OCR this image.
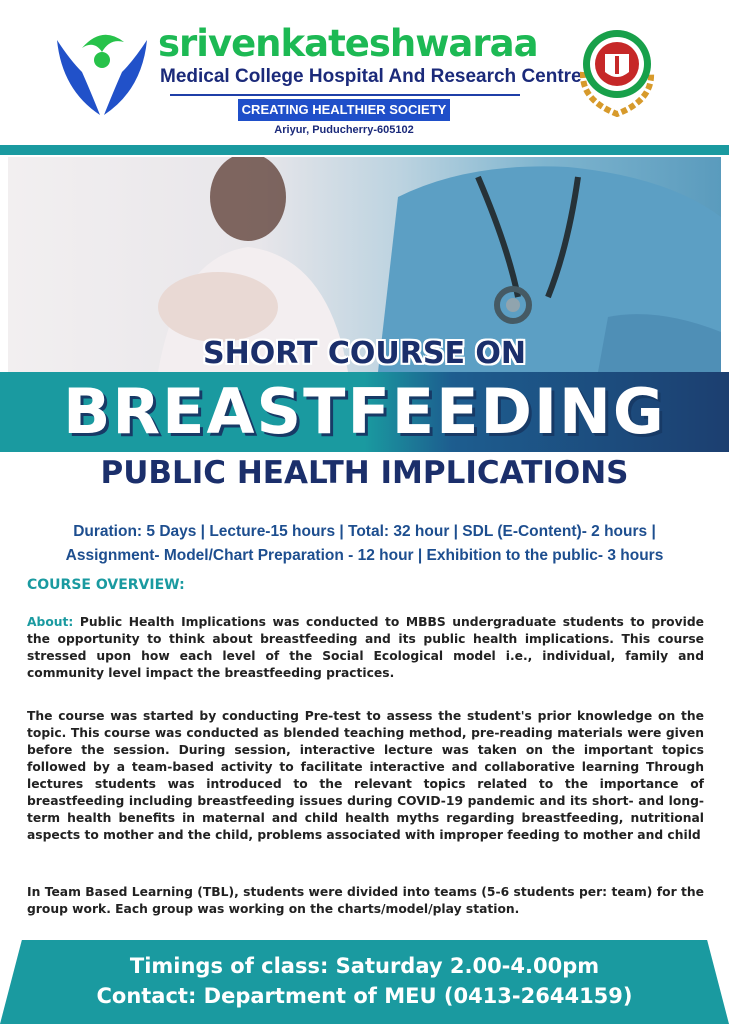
srivenkateshwaraa
Medical College Hospital And Research Centre
CREATING HEALTHIER SOCIETY
Ariyur, Puducherry-605102
SHORT COURSE ON
BREASTFEEDING
PUBLIC HEALTH IMPLICATIONS
Duration: 5 Days | Lecture-15 hours | Total: 32 hour | SDL (E-Content)- 2 hours |
Assignment- Model/Chart Preparation - 12 hour | Exhibition to the public- 3 hours
COURSE OVERVIEW:
About: Public Health Implications was conducted to MBBS undergraduate students to provide the opportunity to think about breastfeeding and its public health implications. This course stressed upon how each level of the Social Ecological model i.e., individual, family and community level impact the breastfeeding practices.
The course was started by conducting Pre-test to assess the student's prior knowledge on the topic. This course was conducted as blended teaching method, pre-reading materials were given before the session. During session, interactive lecture was taken on the important topics followed by a team-based activity to facilitate interactive and collaborative learning Through lectures students was introduced to the relevant topics related to the importance of breastfeeding including breastfeeding issues during COVID-19 pandemic and its short- and long-term health benefits in maternal and child health myths regarding breastfeeding, nutritional aspects to mother and the child, problems associated with improper feeding to mother and child
In Team Based Learning (TBL), students were divided into teams (5-6 students per: team) for the group work. Each group was working on the charts/model/play station.
Timings of class: Saturday 2.00-4.00pm
Contact: Department of MEU (0413-2644159)
